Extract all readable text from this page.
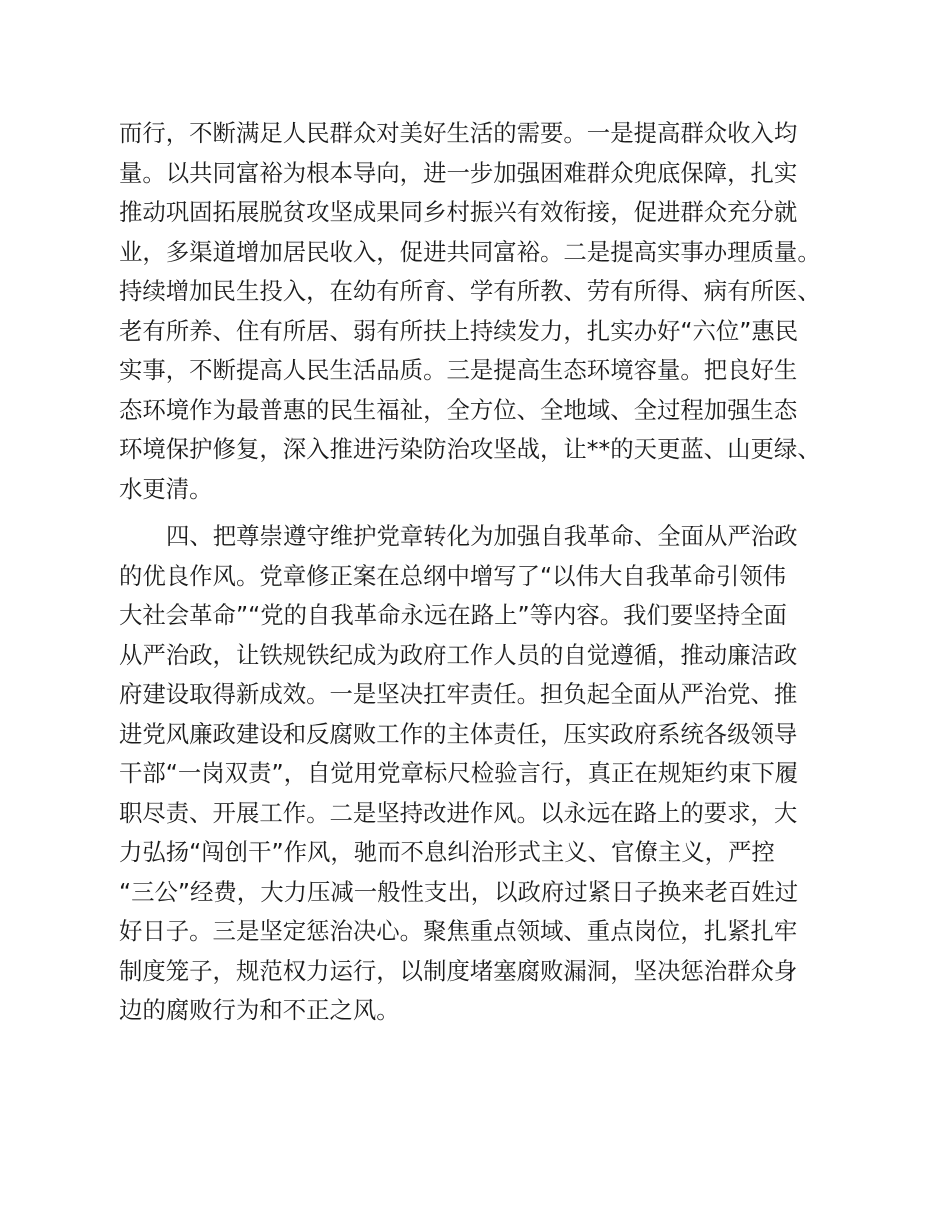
而行，不断满足人民群众对美好生活的需要。一是提高群众收入均
量。以共同富裕为根本导向，进一步加强困难群众兜底保障，扎实
推动巩固拓展脱贫攻坚成果同乡村振兴有效衔接，促进群众充分就
业，多渠道增加居民收入，促进共同富裕。二是提高实事办理质量。
持续增加民生投入，在幼有所育、学有所教、劳有所得、病有所医、
老有所养、住有所居、弱有所扶上持续发力，扎实办好“六位”惠民
实事，不断提高人民生活品质。三是提高生态环境容量。把良好生
态环境作为最普惠的民生福祉，全方位、全地域、全过程加强生态
环境保护修复，深入推进污染防治攻坚战，让**的天更蓝、山更绿、
水更清。
四、把尊崇遵守维护党章转化为加强自我革命、全面从严治政
的优良作风。党章修正案在总纲中增写了“以伟大自我革命引领伟
大社会革命”“党的自我革命永远在路上”等内容。我们要坚持全面
从严治政，让铁规铁纪成为政府工作人员的自觉遵循，推动廉洁政
府建设取得新成效。一是坚决扛牢责任。担负起全面从严治党、推
进党风廉政建设和反腐败工作的主体责任，压实政府系统各级领导
干部“一岗双责”，自觉用党章标尺检验言行，真正在规矩约束下履
职尽责、开展工作。二是坚持改进作风。以永远在路上的要求，大
力弘扬“闯创干”作风，驰而不息纠治形式主义、官僚主义，严控
“三公”经费，大力压减一般性支出，以政府过紧日子换来老百姓过
好日子。三是坚定惩治决心。聚焦重点领域、重点岗位，扎紧扎牢
制度笼子，规范权力运行，以制度堵塞腐败漏洞，坚决惩治群众身
边的腐败行为和不正之风。
